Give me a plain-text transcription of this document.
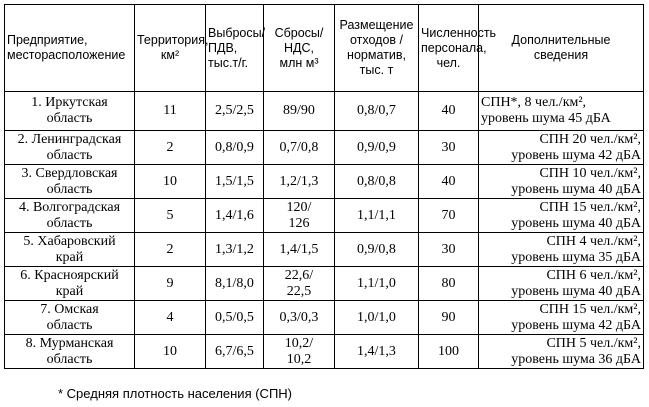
Предприятие,
месторасположение	Территория, км²	Выбросы/
ПДВ,
тыс.т/г.	Сбросы/
НДС,
млн м³	Размещение отходов / норматив, тыс. т	Численность персонала, чел.	Дополнительные
сведения
1. Иркутская
область	11	2,5/2,5	89/90	0,8/0,7	40	СПН*, 8 чел./км²,
уровень шума 45 дБА
2. Ленинградская
область	2	0,8/0,9	0,7/0,8	0,9/0,9	30	СПН 20 чел./км²,
уровень шума 42 дБА
3. Свердловская
область	10	1,5/1,5	1,2/1,3	0,8/0,8	40	СПН 10 чел./км²,
уровень шума 40 дБА
4. Волгоградская
область	5	1,4/1,6	120/
126	1,1/1,1	70	СПН 15 чел./км²,
уровень шума 40 дБА
5. Хабаровский
край	2	1,3/1,2	1,4/1,5	0,9/0,8	30	СПН 4 чел./км²,
уровень шума 35 дБА
6. Красноярский
край	9	8,1/8,0	22,6/
22,5	1,1/1,0	80	СПН 6 чел./км²,
уровень шума 40 дБА
7. Омская
область	4	0,5/0,5	0,3/0,3	1,0/1,0	90	СПН 15 чел./км²,
уровень шума 42 дБА
8. Мурманская
область	10	6,7/6,5	10,2/
10,2	1,4/1,3	100	СПН 5 чел./км²,
уровень шума 36 дБА
* Средняя плотность населения (СПН)
